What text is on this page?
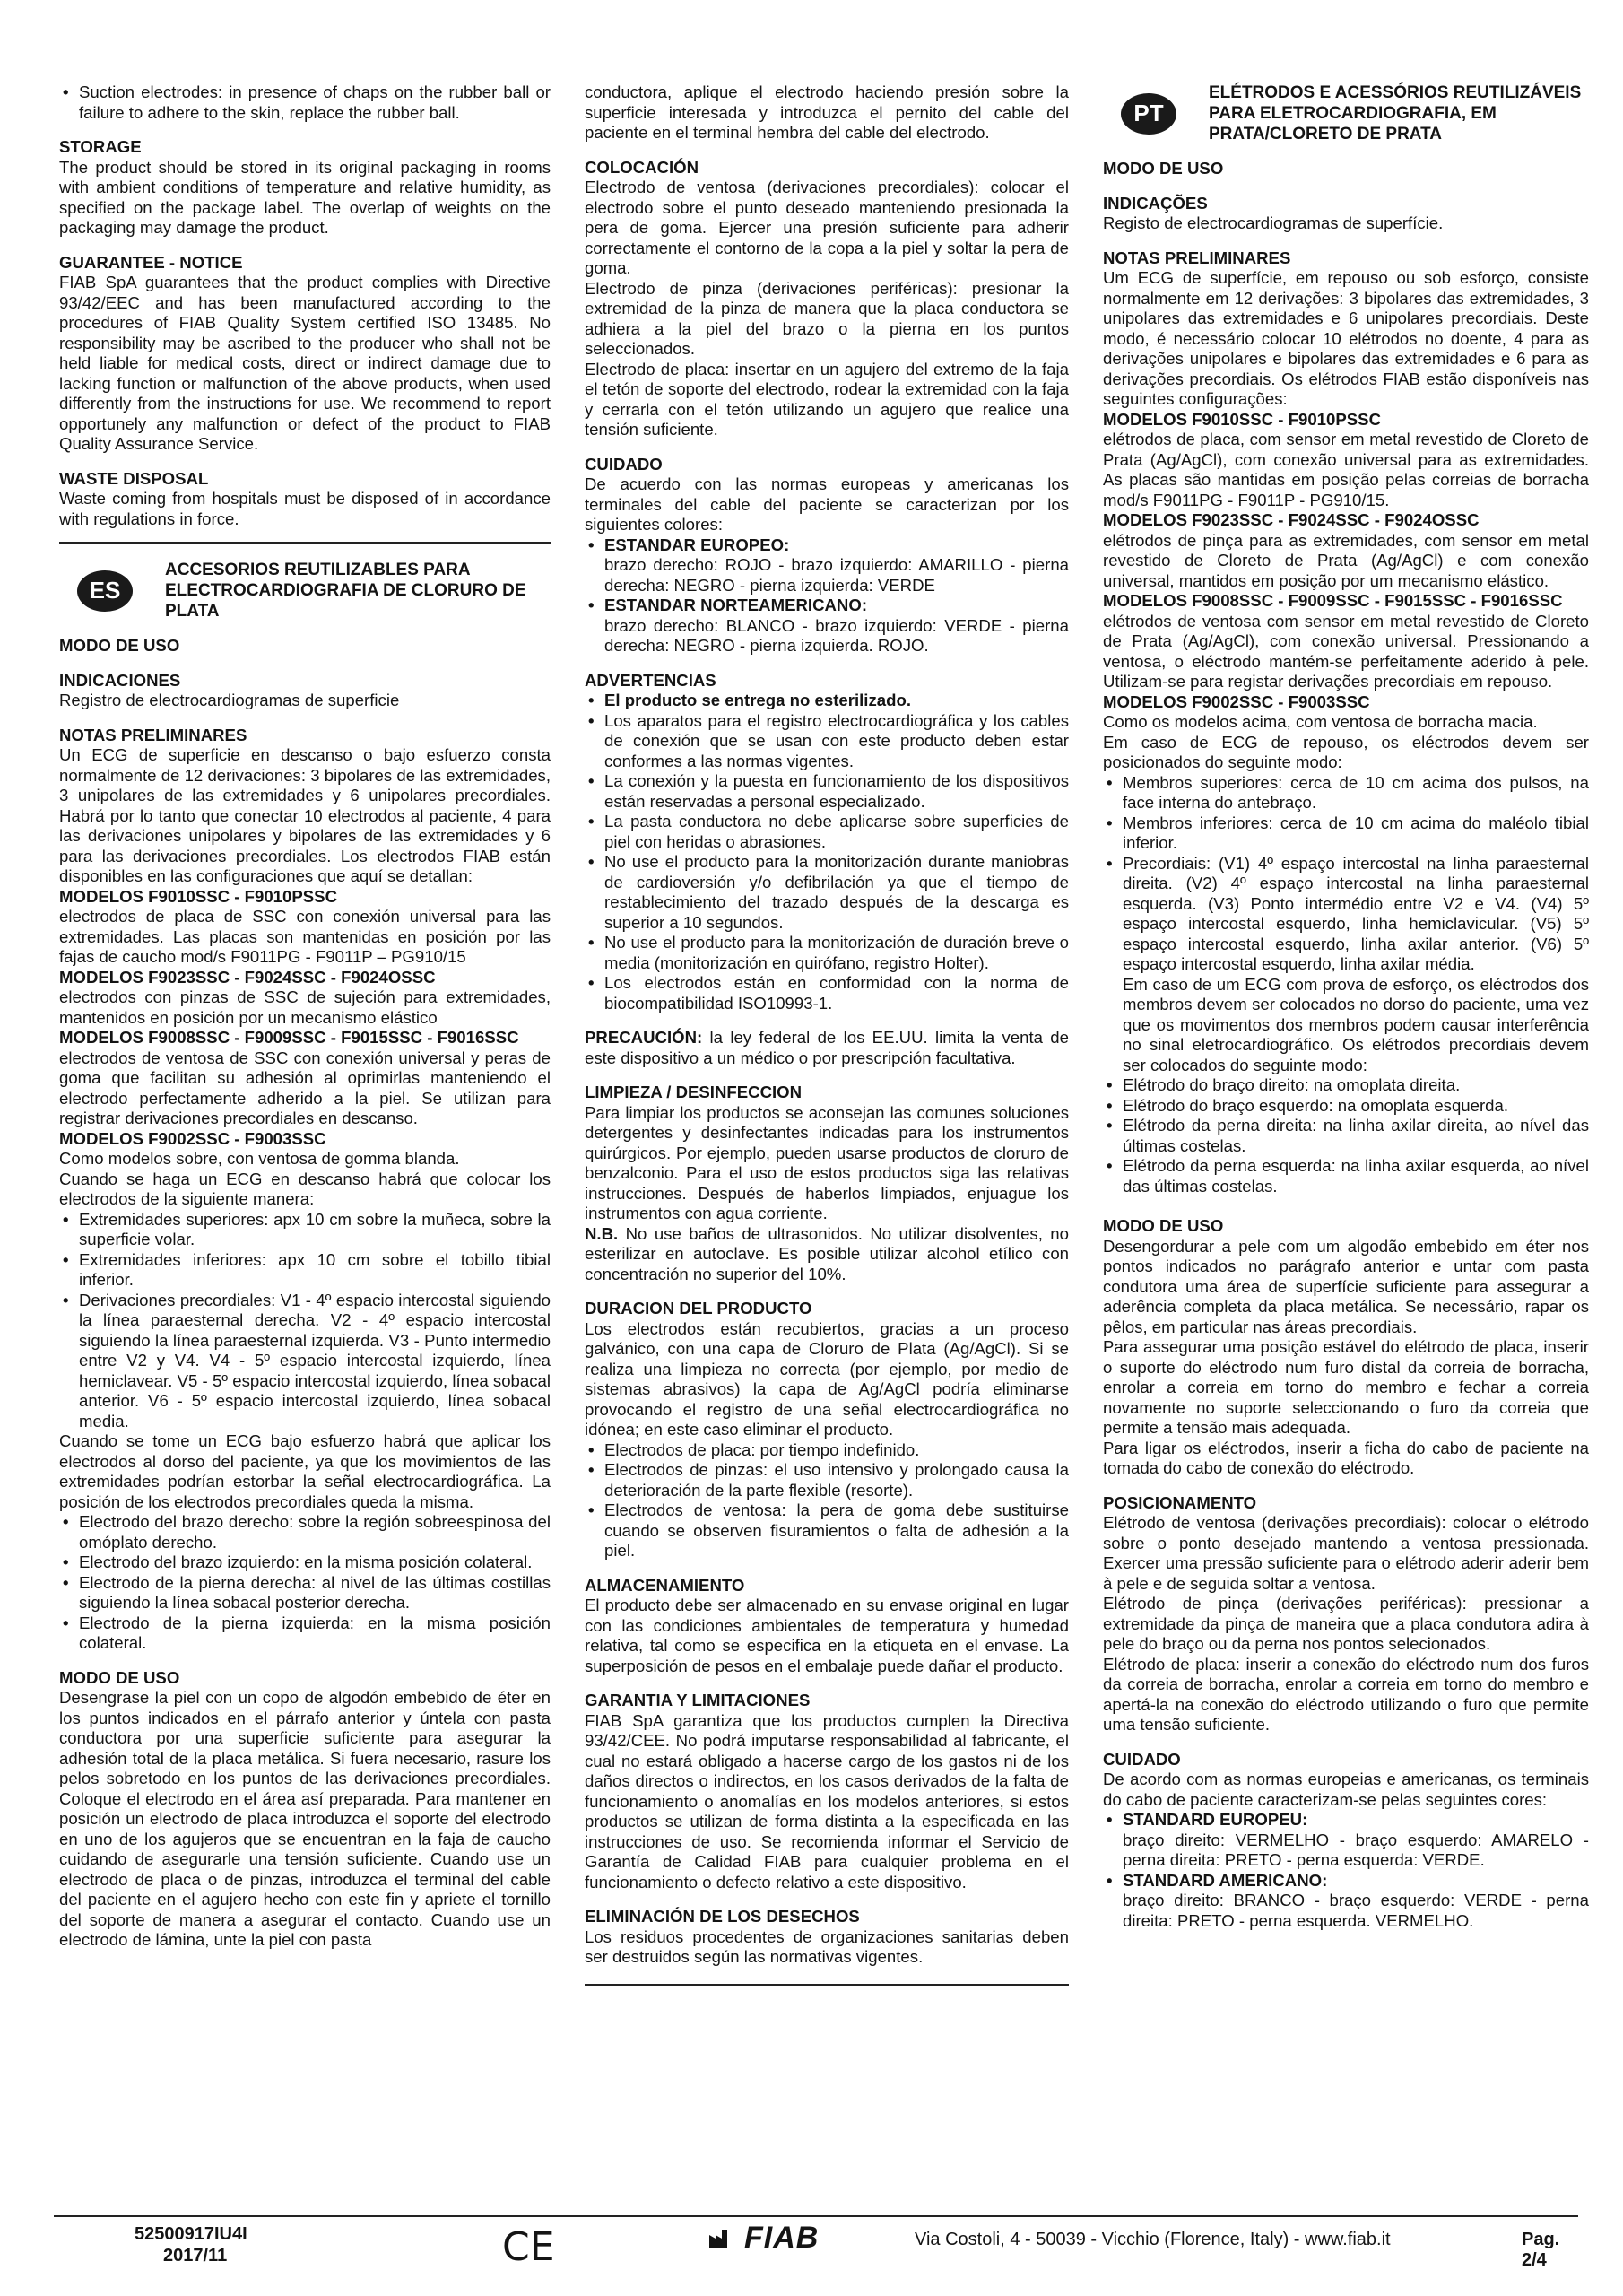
• Suction electrodes: in presence of chaps on the rubber ball or failure to adhere to the skin, replace the rubber ball.
STORAGE

The product should be stored in its original packaging in rooms with ambient conditions of temperature and relative humidity, as specified on the package label. The overlap of weights on the packaging may damage the product.

GUARANTEE - NOTICE

FIAB SpA guarantees that the product complies with Directive 93/42/EEC and has been manufactured according to the procedures of FIAB Quality System certified ISO 13485. No responsibility may be ascribed to the producer who shall not be held liable for medical costs, direct or indirect damage due to lacking function or malfunction of the above products, when used differently from the instructions for use. We recommend to report opportunely any malfunction or defect of the product to FIAB Quality Assurance Service.

WASTE DISPOSAL

Waste coming from hospitals must be disposed of in accordance with regulations in force.

ES
ACCESORIOS REUTILIZABLES PARA ELECTROCARDIOGRAFIA DE CLORURO DE PLATA
MODO DE USO
INDICACIONES

Registro de electrocardiogramas de superficie

NOTAS PRELIMINARES

Un ECG de superficie en descanso o bajo esfuerzo consta normalmente de 12 derivaciones: 3 bipolares de las extremidades, 3 unipolares de las extremidades y 6 unipolares precordiales. Habrá por lo tanto que conectar 10 electrodos al paciente, 4 para las derivaciones unipolares y bipolares de las extremidades y 6 para las derivaciones precordiales. Los electrodos FIAB están disponibles en las configuraciones que aquí se detallan:

MODELOS F9010SSC - F9010PSSC

electrodos de placa de SSC con conexión universal para las extremidades. Las placas son mantenidas en posición por las fajas de caucho mod/s F9011PG - F9011P – PG910/15

MODELOS F9023SSC - F9024SSC - F9024OSSC

electrodos con pinzas de SSC de sujeción para extremidades, mantenidos en posición por un mecanismo elástico

MODELOS F9008SSC - F9009SSC - F9015SSC - F9016SSC

electrodos de ventosa de SSC con conexión universal y peras de goma que facilitan su adhesión al oprimirlas manteniendo el electrodo perfectamente adherido a la piel. Se utilizan para registrar derivaciones precordiales en descanso.

MODELOS F9002SSC - F9003SSC

Como modelos sobre, con ventosa de gomma blanda.

Cuando se haga un ECG en descanso habrá que colocar los electrodos de la siguiente manera:

• Extremidades superiores: apx 10 cm sobre la muñeca, sobre la superficie volar.
• Extremidades inferiores: apx 10 cm sobre el tobillo tibial inferior.
• Derivaciones precordiales: V1 - 4º espacio intercostal siguiendo la línea paraesternal derecha. V2 - 4º espacio intercostal siguiendo la línea paraesternal izquierda. V3 - Punto intermedio entre V2 y V4. V4 - 5º espacio intercostal izquierdo, línea hemiclavear. V5 - 5º espacio intercostal izquierdo, línea sobacal anterior. V6 - 5º espacio intercostal izquierdo, línea sobacal media.

Cuando se tome un ECG bajo esfuerzo habrá que aplicar los electrodos al dorso del paciente, ya que los movimientos de las extremidades podrían estorbar la señal electrocardiográfica. La posición de los electrodos precordiales queda la misma.

• Electrodo del brazo derecho: sobre la región sobreespinosa del omóplato derecho.
• Electrodo del brazo izquierdo: en la misma posición colateral.
• Electrodo de la pierna derecha: al nivel de las últimas costillas siguiendo la línea sobacal posterior derecha.
• Electrodo de la pierna izquierda: en la misma posición colateral.
MODO DE USO

Desengrase la piel con un copo de algodón embebido de éter en los puntos indicados en el párrafo anterior y úntela con pasta conductora por una superficie suficiente para asegurar la adhesión total de la placa metálica. Si fuera necesario, rasure los pelos sobretodo en los puntos de las derivaciones precordiales. Coloque el electrodo en el área así preparada. Para mantener en posición un electrodo de placa introduzca el soporte del electrodo en uno de los agujeros que se encuentran en la faja de caucho cuidando de asegurarle una tensión suficiente. Cuando use un electrodo de placa o de pinzas, introduzca el terminal del cable del paciente en el agujero hecho con este fin y apriete el tornillo del soporte de manera a asegurar el contacto. Cuando use un electrodo de lámina, unte la piel con pasta

conductora, aplique el electrodo haciendo presión sobre la superficie interesada y introduzca el pernito del cable del paciente en el terminal hembra del cable del electrodo.

COLOCACIÓN

Electrodo de ventosa (derivaciones precordiales): colocar el electrodo sobre el punto deseado manteniendo presionada la pera de goma. Ejercer una presión suficiente para adherir correctamente el contorno de la copa a la piel y soltar la pera de goma.

Electrodo de pinza (derivaciones periféricas): presionar la extremidad de la pinza de manera que la placa conductora se adhiera a la piel del brazo o la pierna en los puntos seleccionados.

Electrodo de placa: insertar en un agujero del extremo de la faja el tetón de soporte del electrodo, rodear la extremidad con la faja y cerrarla con el tetón utilizando un agujero que realice una tensión suficiente.

CUIDADO

De acuerdo con las normas europeas y americanas los terminales del cable del paciente se caracterizan por los siguientes colores:

• ESTANDAR EUROPEO:
brazo derecho: ROJO - brazo izquierdo: AMARILLO - pierna derecha: NEGRO - pierna izquierda: VERDE
• ESTANDAR NORTEAMERICANO:
brazo derecho: BLANCO - brazo izquierdo: VERDE - pierna derecha: NEGRO - pierna izquierda. ROJO.
ADVERTENCIAS
• El producto se entrega no esterilizado.
• Los aparatos para el registro electrocardiográfica y los cables de conexión que se usan con este producto deben estar conformes a las normas vigentes.
• La conexión y la puesta en funcionamiento de los dispositivos están reservadas a personal especializado.
• La pasta conductora no debe aplicarse sobre superficies de piel con heridas o abrasiones.
• No use el producto para la monitorización durante maniobras de cardioversión y/o defibrilación ya que el tiempo de restablecimiento del trazado después de la descarga es superior a 10 segundos.
• No use el producto para la monitorización de duración breve o media (monitorización en quirófano, registro Holter).
• Los electrodos están en conformidad con la norma de biocompatibilidad ISO10993-1.

PRECAUCIÓN: la ley federal de los EE.UU. limita la venta de este dispositivo a un médico o por prescripción facultativa.

LIMPIEZA / DESINFECCION

Para limpiar los productos se aconsejan las comunes soluciones detergentes y desinfectantes indicadas para los instrumentos quirúrgicos. Por ejemplo, pueden usarse productos de cloruro de benzalconio. Para el uso de estos productos siga las relativas instrucciones. Después de haberlos limpiados, enjuague los instrumentos con agua corriente.

N.B. No use baños de ultrasonidos. No utilizar disolventes, no esterilizar en autoclave. Es posible utilizar alcohol etílico con concentración no superior del 10%.

DURACION DEL PRODUCTO

Los electrodos están recubiertos, gracias a un proceso galvánico, con una capa de Cloruro de Plata (Ag/AgCl). Si se realiza una limpieza no correcta (por ejemplo, por medio de sistemas abrasivos) la capa de Ag/AgCl podría eliminarse provocando el registro de una señal electrocardiográfica no idónea; en este caso eliminar el producto.

• Electrodos de placa: por tiempo indefinido.
• Electrodos de pinzas: el uso intensivo y prolongado causa la deterioración de la parte flexible (resorte).
• Electrodos de ventosa: la pera de goma debe sustituirse cuando se observen fisuramientos o falta de adhesión a la piel.
ALMACENAMIENTO

El producto debe ser almacenado en su envase original en lugar con las condiciones ambientales de temperatura y humedad relativa, tal como se especifica en la etiqueta en el envase. La superposición de pesos en el embalaje puede dañar el producto.

GARANTIA Y LIMITACIONES

FIAB SpA garantiza que los productos cumplen la Directiva 93/42/CEE. No podrá imputarse responsabilidad al fabricante, el cual no estará obligado a hacerse cargo de los gastos ni de los daños directos o indirectos, en los casos derivados de la falta de funcionamiento o anomalías en los modelos anteriores, si estos productos se utilizan de forma distinta a la especificada en las instrucciones de uso. Se recomienda informar el Servicio de Garantía de Calidad FIAB para cualquier problema en el funcionamiento o defecto relativo a este dispositivo.

ELIMINACIÓN DE LOS DESECHOS

Los residuos procedentes de organizaciones sanitarias deben ser destruidos según las normativas vigentes.

PT
ELÉTRODOS E ACESSÓRIOS REUTILIZÁVEIS PARA ELETROCARDIOGRAFIA, EM PRATA/CLORETO DE PRATA
MODO DE USO
INDICAÇÕES

Registo de electrocardiogramas de superfície.

NOTAS PRELIMINARES

Um ECG de superfície, em repouso ou sob esforço, consiste normalmente em 12 derivações: 3 bipolares das extremidades, 3 unipolares das extremidades e 6 unipolares precordiais. Deste modo, é necessário colocar 10 elétrodos no doente, 4 para as derivações unipolares e bipolares das extremidades e 6 para as derivações precordiais. Os elétrodos FIAB estão disponíveis nas seguintes configurações:

MODELOS F9010SSC - F9010PSSC

elétrodos de placa, com sensor em metal revestido de Cloreto de Prata (Ag/AgCl), com conexão universal para as extremidades. As placas são mantidas em posição pelas correias de borracha mod/s F9011PG - F9011P - PG910/15.

MODELOS F9023SSC - F9024SSC - F9024OSSC

elétrodos de pinça para as extremidades, com sensor em metal revestido de Cloreto de Prata (Ag/AgCl) e com conexão universal, mantidos em posição por um mecanismo elástico.

MODELOS F9008SSC - F9009SSC - F9015SSC - F9016SSC

elétrodos de ventosa com sensor em metal revestido de Cloreto de Prata (Ag/AgCl), com conexão universal. Pressionando a ventosa, o eléctrodo mantém-se perfeitamente aderido à pele. Utilizam-se para registar derivações precordiais em repouso.

MODELOS F9002SSC - F9003SSC

Como os modelos acima, com ventosa de borracha macia.

Em caso de ECG de repouso, os eléctrodos devem ser posicionados do seguinte modo:

• Membros superiores: cerca de 10 cm acima dos pulsos, na face interna do antebraço.
• Membros inferiores: cerca de 10 cm acima do maléolo tibial inferior.
• Precordiais: (V1) 4º espaço intercostal na linha paraesternal direita. (V2) 4º espaço intercostal na linha paraesternal esquerda. (V3) Ponto intermédio entre V2 e V4. (V4) 5º espaço intercostal esquerdo, linha hemiclavicular. (V5) 5º espaço intercostal esquerdo, linha axilar anterior. (V6) 5º espaço intercostal esquerdo, linha axilar média.

Em caso de um ECG com prova de esforço, os eléctrodos dos membros devem ser colocados no dorso do paciente, uma vez que os movimentos dos membros podem causar interferência no sinal eletrocardiográfico. Os elétrodos precordiais devem ser colocados do seguinte modo:

• Elétrodo do braço direito: na omoplata direita.
• Elétrodo do braço esquerdo: na omoplata esquerda.
• Elétrodo da perna direita: na linha axilar direita, ao nível das últimas costelas.
• Elétrodo da perna esquerda: na linha axilar esquerda, ao nível das últimas costelas.
MODO DE USO

Desengordurar a pele com um algodão embebido em éter nos pontos indicados no parágrafo anterior e untar com pasta condutora uma área de superfície suficiente para assegurar a aderência completa da placa metálica. Se necessário, rapar os pêlos, em particular nas áreas precordiais.

Para assegurar uma posição estável do elétrodo de placa, inserir o suporte do eléctrodo num furo distal da correia de borracha, enrolar a correia em torno do membro e fechar a correia novamente no suporte seleccionando o furo da correia que permite a tensão mais adequada.

Para ligar os eléctrodos, inserir a ficha do cabo de paciente na tomada do cabo de conexão do eléctrodo.

POSICIONAMENTO

Elétrodo de ventosa (derivações precordiais): colocar o elétrodo sobre o ponto desejado mantendo a ventosa pressionada. Exercer uma pressão suficiente para o elétrodo aderir aderir bem à pele e de seguida soltar a ventosa.

Elétrodo de pinça (derivações periféricas): pressionar a extremidade da pinça de maneira que a placa condutora adira à pele do braço ou da perna nos pontos selecionados.

Elétrodo de placa: inserir a conexão do eléctrodo num dos furos da correia de borracha, enrolar a correia em torno do membro e apertá-la na conexão do eléctrodo utilizando o furo que permite uma tensão suficiente.

CUIDADO

De acordo com as normas europeias e americanas, os terminais do cabo de paciente caracterizam-se pelas seguintes cores:

• STANDARD EUROPEU:
braço direito: VERMELHO - braço esquerdo: AMARELO - perna direita: PRETO - perna esquerda: VERDE.
• STANDARD AMERICANO:
braço direito: BRANCO - braço esquerdo: VERDE - perna direita: PRETO - perna esquerda. VERMELHO.
52500917IU4I
2017/11	CE	FIAB	Via Costoli, 4 - 50039 - Vicchio (Florence, Italy) - www.fiab.it	Pag. 2/4
